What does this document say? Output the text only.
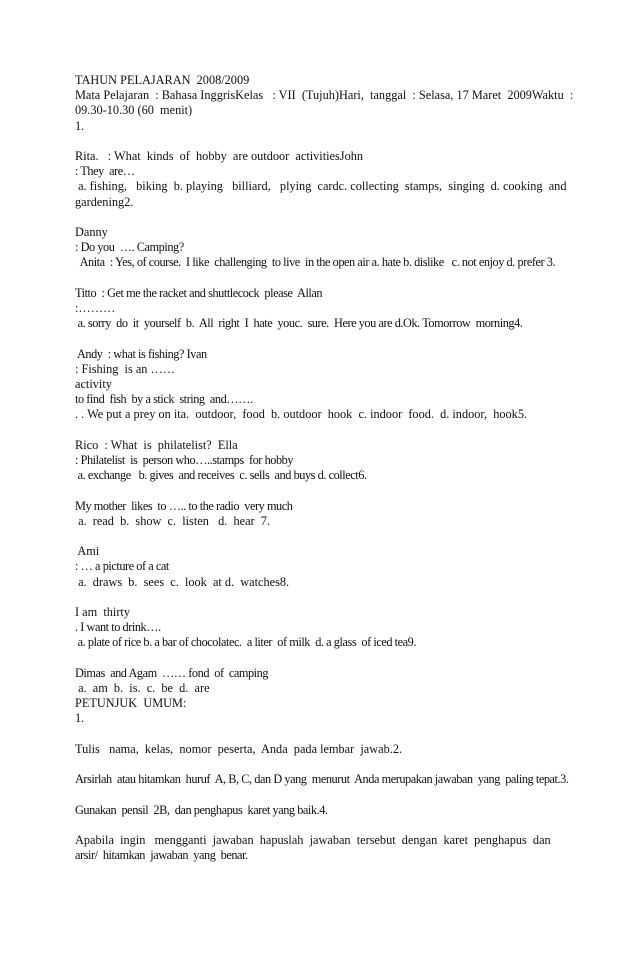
TAHUN PELAJARAN  2008/2009
Mata Pelajaran  : Bahasa InggrisKelas   : VII  (Tujuh)Hari,  tanggal  : Selasa, 17 Maret  2009Waktu  :
09.30-10.30 (60  menit)
1.
Rita.   : What  kinds  of  hobby  are outdoor  activitiesJohn
: They  are…
a. fishing,   biking  b. playing   billiard,   plying  cardc. collecting  stamps,  singing  d. cooking  and
gardening2.
Danny
: Do you  …. Camping?
Anita  : Yes, of course.  I like  challenging  to live  in the open air a. hate b. dislike   c. not enjoy d. prefer 3.
Titto  : Get me the racket and shuttlecock  please  Allan
:………
a. sorry  do  it  yourself  b.  All  right  I  hate  youc.  sure.  Here you are d.Ok. Tomorrow  morning4.
Andy  : what is fishing? Ivan
: Fishing  is an ……
activity
to find  fish  by a stick  string  and…….
. . We put a prey on ita.  outdoor,  food  b. outdoor  hook  c. indoor  food.  d. indoor,  hook5.
Rico  : What  is  philatelist?  Ella
: Philatelist  is  person who…..stamps  for hobby
a. exchange   b. gives  and receives  c. sells  and buys d. collect6.
My mother  likes  to ….. to the radio  very much
a.  read  b.  show  c.  listen   d.  hear  7.
Ami
: … a picture of a cat
a.  draws  b.  sees  c.  look  at d.  watches8.
I am  thirty
. I want to drink….
a. plate of rice b. a bar of chocolatec.  a liter  of milk  d. a glass  of iced tea9.
Dimas  and Agam  …… fond  of  camping
a.  am  b.  is.  c.  be  d.  are
PETUNJUK  UMUM:
1.
Tulis   nama,  kelas,  nomor  peserta,  Anda  pada lembar  jawab.2.
Arsirlah  atau hitamkan  huruf  A, B, C, dan D yang  menurut  Anda merupakan jawaban  yang  paling tepat.3.
Gunakan  pensil  2B,  dan penghapus  karet yang baik.4.
Apabila  ingin   mengganti  jawaban  hapuslah  jawaban  tersebut  dengan  karet  penghapus  dan
arsir/  hitamkan  jawaban  yang  benar.
